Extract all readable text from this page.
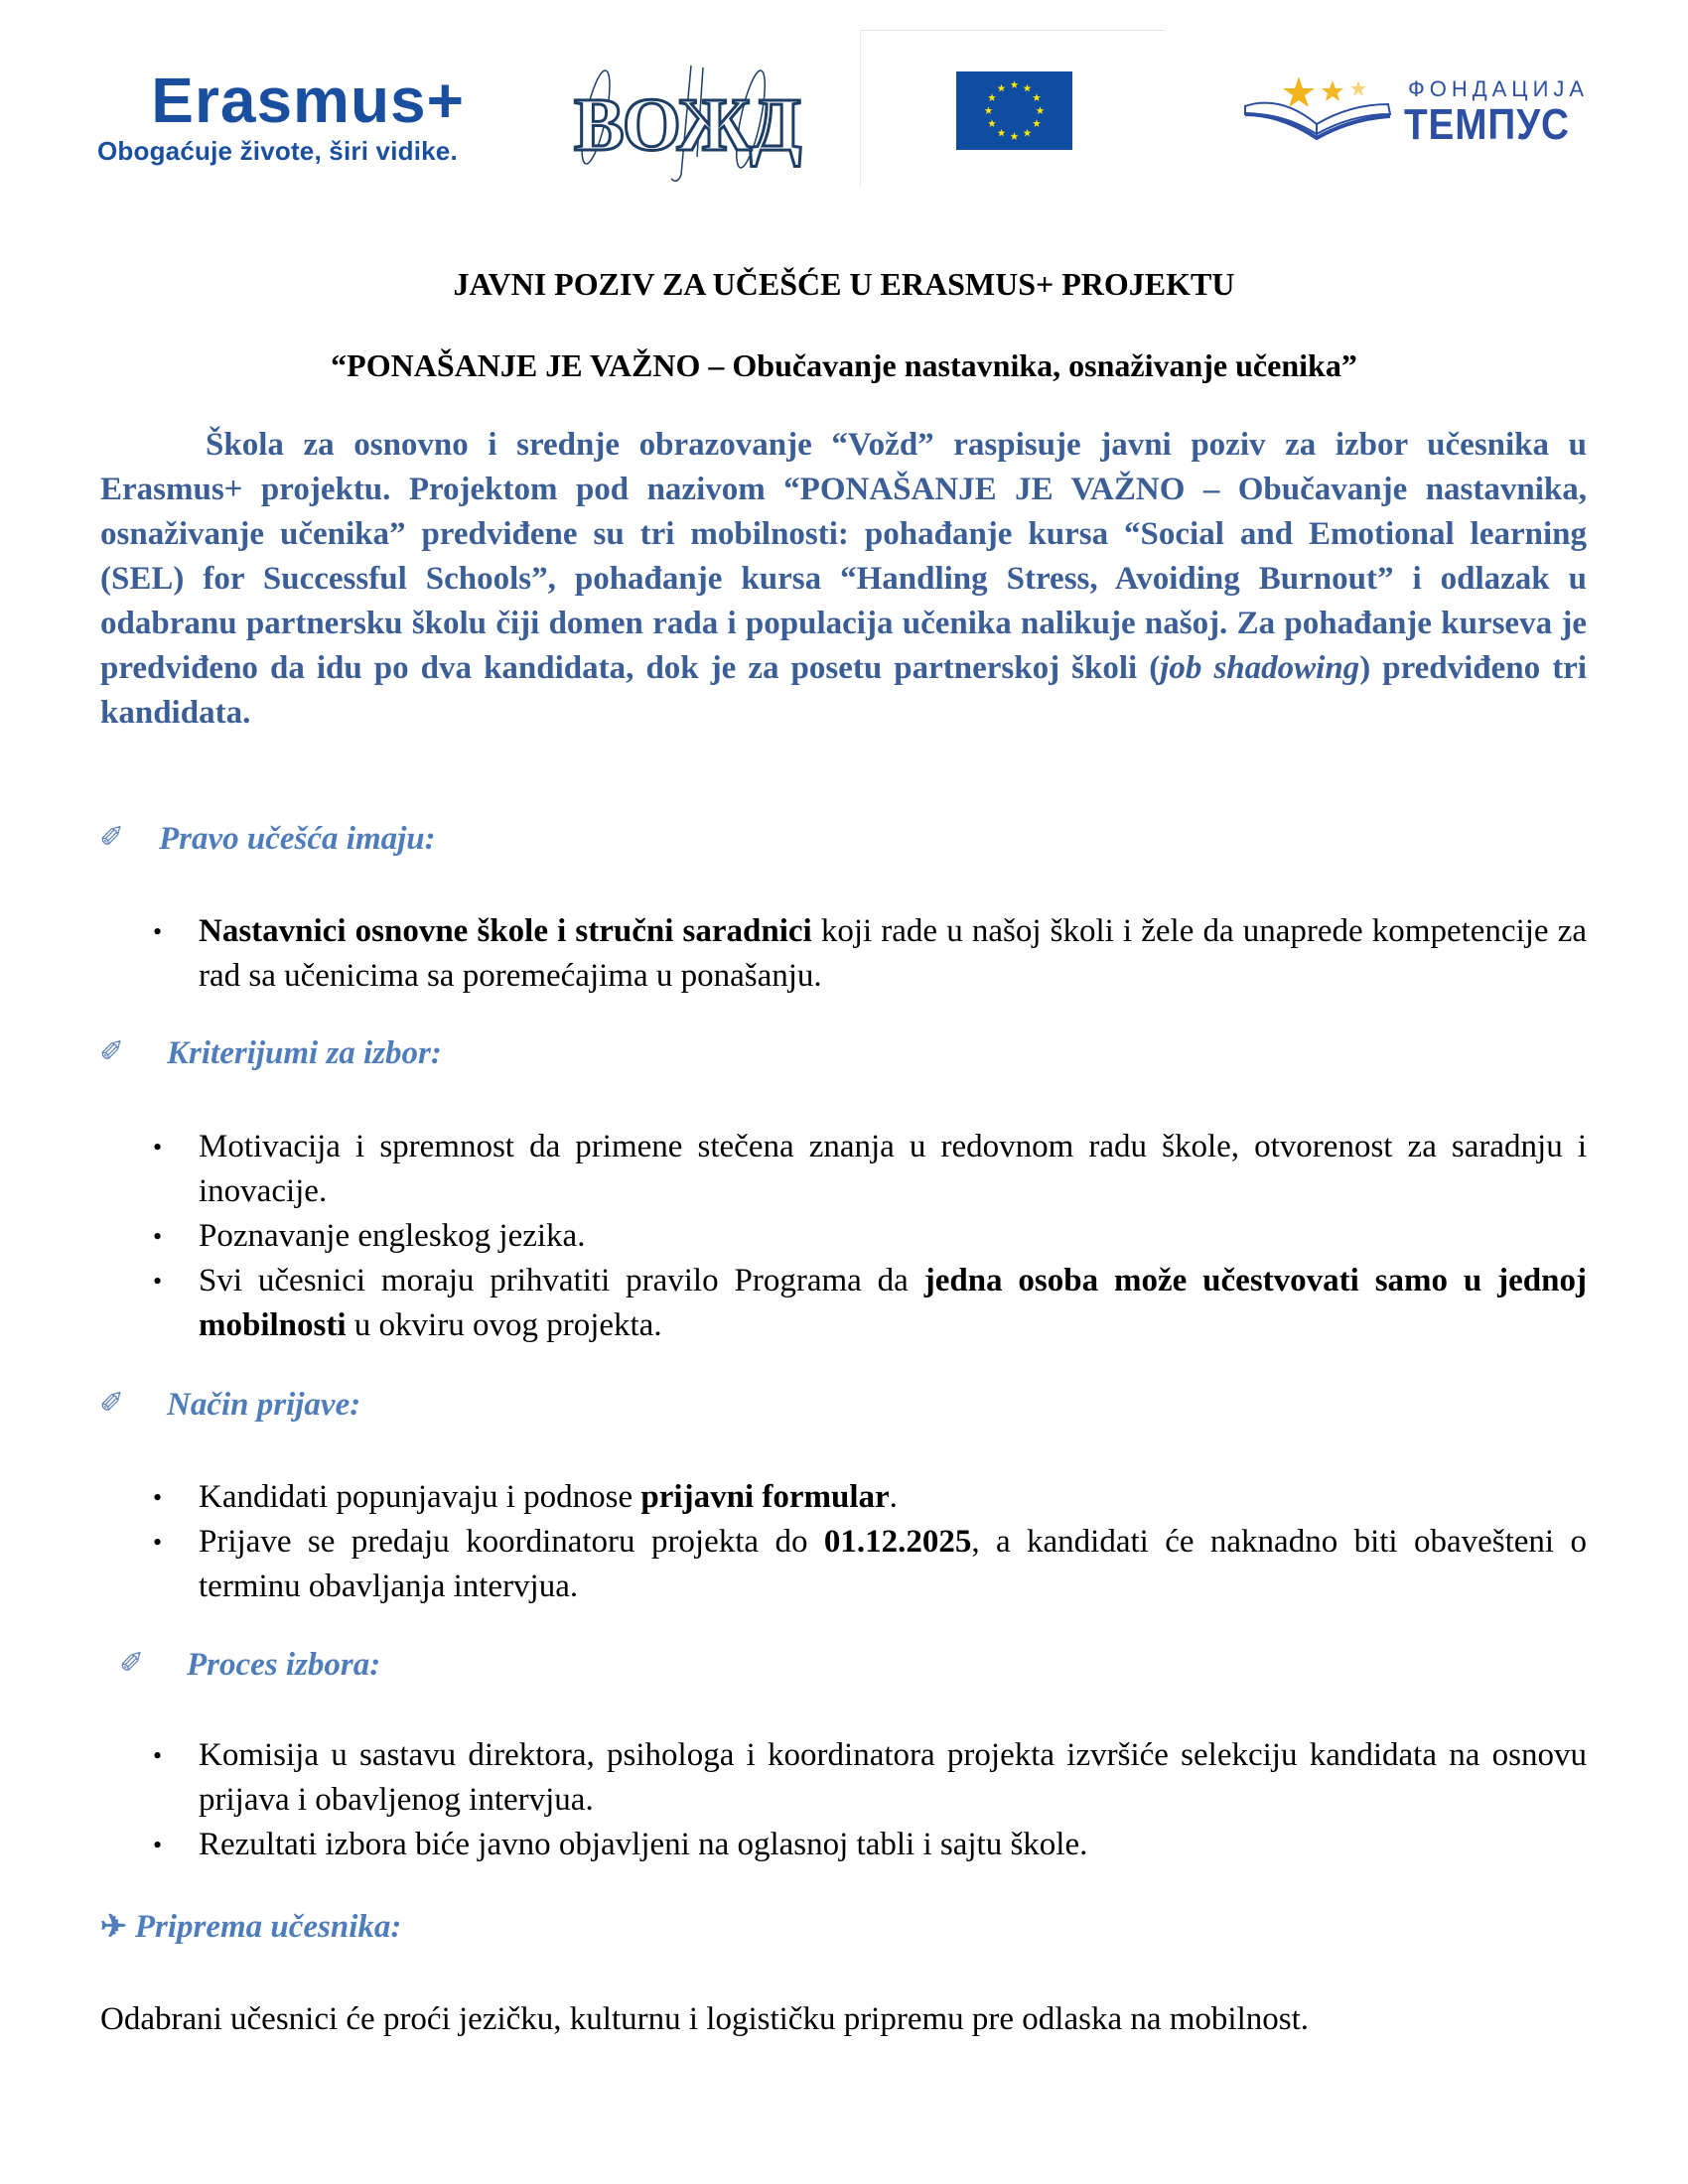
Erasmus+
Obogaćuje živote, širi vidike. ВОЖД	ФОНДАЦИЈА
ТЕМПУС
JAVNI POZIV ZA UČEŠĆE U ERASMUS+ PROJEKTU
“PONAŠANJE JE VAŽNO – Obučavanje nastavnika, osnaživanje učenika”

Škola za osnovno i srednje obrazovanje “Vožd” raspisuje javni poziv za izbor učesnika u Erasmus+ projektu. Projektom pod nazivom “PONAŠANJE JE VAŽNO – Obučavanje nastavnika, osnaživanje učenika” predviđene su tri mobilnosti: pohađanje kursa “Social and Emotional learning (SEL) for Successful Schools”, pohađanje kursa “Handling Stress, Avoiding Burnout” i odlazak u odabranu partnersku školu čiji domen rada i populacija učenika nalikuje našoj. Za pohađanje kurseva je predviđeno da idu po dva kandidata, dok je za posetu partnerskoj školi (job shadowing) predviđeno tri kandidata.

✐ Pravo učešća imaju:
• Nastavnici osnovne škole i stručni saradnici koji rade u našoj školi i žele da unaprede kompetencije za rad sa učenicima sa poremećajima u ponašanju.
✐ Kriterijumi za izbor:
• Motivacija i spremnost da primene stečena znanja u redovnom radu škole, otvorenost za saradnju i inovacije.
• Poznavanje engleskog jezika.
• Svi učesnici moraju prihvatiti pravilo Programa da jedna osoba može učestvovati samo u jednoj mobilnosti u okviru ovog projekta.
✐ Način prijave:
• Kandidati popunjavaju i podnose prijavni formular.
• Prijave se predaju koordinatoru projekta do 01.12.2025, a kandidati će naknadno biti obavešteni o terminu obavljanja intervjua.
✐ Proces izbora:
• Komisija u sastavu direktora, psihologa i koordinatora projekta izvršiće selekciju kandidata na osnovu prijava i obavljenog intervjua.
• Rezultati izbora biće javno objavljeni na oglasnoj tabli i sajtu škole.
✈ Priprema učesnika:

Odabrani učesnici će proći jezičku, kulturnu i logističku pripremu pre odlaska na mobilnost.
